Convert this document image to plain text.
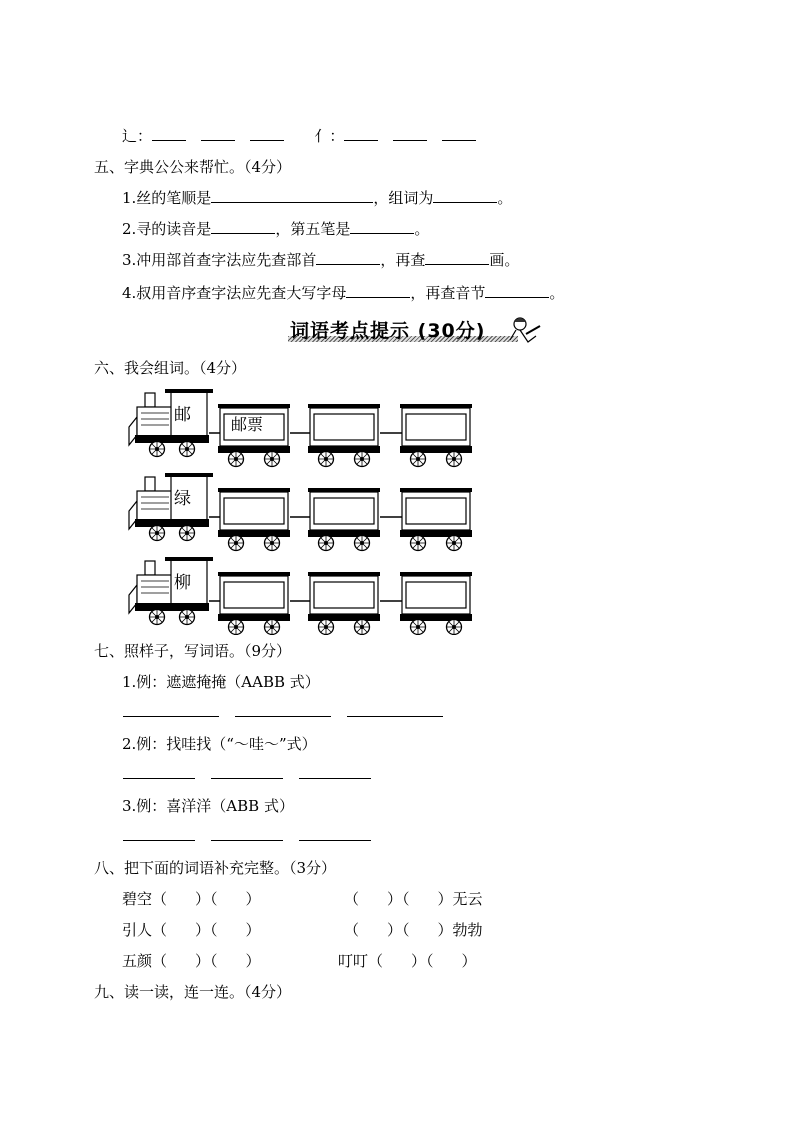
辶：	亻：
五、字典公公来帮忙。（4分）
1.丝的笔顺是	，组词为	。
2.寻的读音是	，第五笔是	。
3.冲用部首查字法应先查部首	，再查	画。
4.叔用音序查字法应先查大写字母	，再查音节	。
词语考点提示 (30分)
六、我会组词。（4分）
邮	邮票
绿
柳
七、照样子，写词语。（9分）
1.例：遮遮掩掩（AABB 式）
2.例：找哇找（“～哇～”式）
3.例：喜洋洋（ABB 式）
八、把下面的词语补充完整。（3分）
碧空（ ）（ ）	（ ）（ ）无云
引人（ ）（ ）	（ ）（ ）勃勃
五颜（ ）（ ）	叮叮（ ）（ ）
九、读一读，连一连。（4分）
